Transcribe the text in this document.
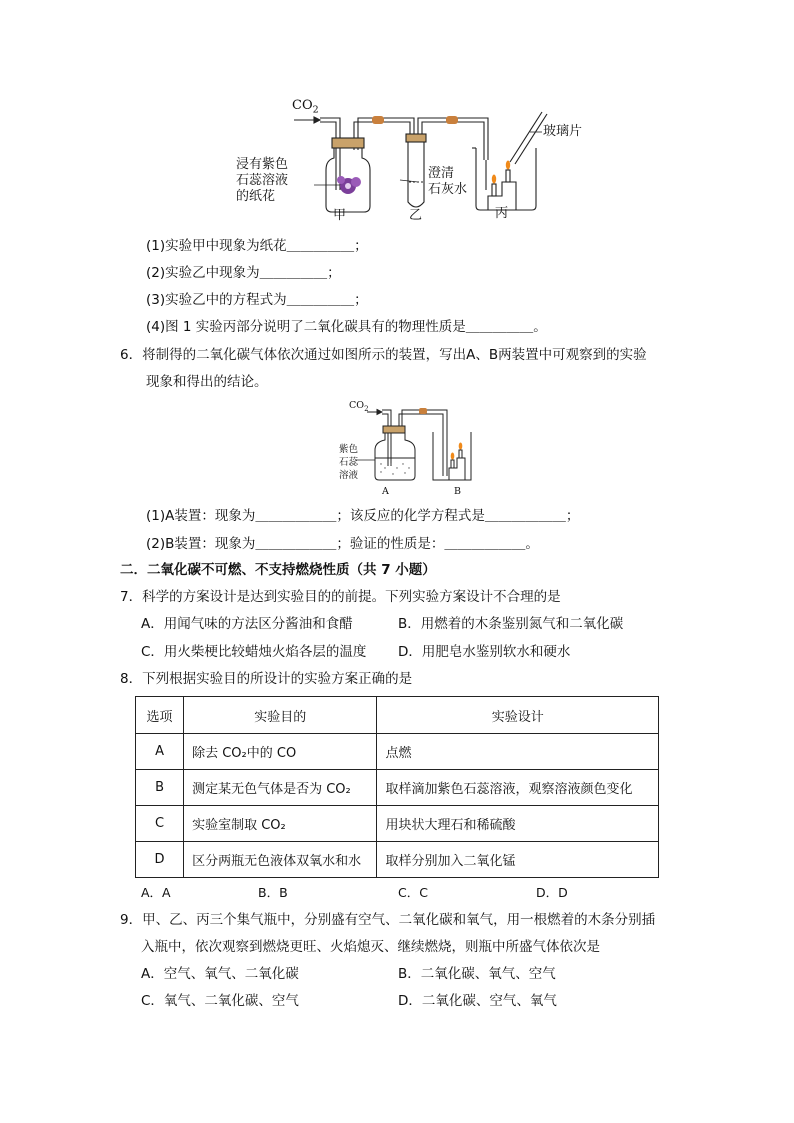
$CO_2$
玻璃片
浸有紫色
石蕊溶液
的纸花
澄清
石灰水
甲	乙	丙
(1)实验甲中现象为纸花＿＿＿＿＿；
(2)实验乙中现象为＿＿＿＿＿；
(3)实验乙中的方程式为＿＿＿＿＿；
(4)图 1 实验丙部分说明了二氧化碳具有的物理性质是＿＿＿＿＿。
6．将制得的二氧化碳气体依次通过如图所示的装置，写出A、B两装置中可观察到的实验
现象和得出的结论。
$CO_2$
紫色
石蕊
溶液
A	B
(1)A装置：现象为＿＿＿＿＿＿；该反应的化学方程式是＿＿＿＿＿＿；
(2)B装置：现象为＿＿＿＿＿＿；验证的性质是：＿＿＿＿＿＿。
二．二氧化碳不可燃、不支持燃烧性质（共 7 小题）
7．科学的方案设计是达到实验目的的前提。下列实验方案设计不合理的是
A．用闻气味的方法区分酱油和食醋	B．用燃着的木条鉴别氮气和二氧化碳
C．用火柴梗比较蜡烛火焰各层的温度 D．用肥皂水鉴别软水和硬水
8．下列根据实验目的所设计的实验方案正确的是
选项	实验目的	实验设计
A	除去 CO₂中的 CO	点燃
B	测定某无色气体是否为 CO₂	取样滴加紫色石蕊溶液，观察溶液颜色变化
C	实验室制取 CO₂	用块状大理石和稀硫酸
D	区分两瓶无色液体双氧水和水	取样分别加入二氧化锰
A．A	B．B	C．C	D．D
9．甲、乙、丙三个集气瓶中，分别盛有空气、二氧化碳和氧气，用一根燃着的木条分别插
入瓶中，依次观察到燃烧更旺、火焰熄灭、继续燃烧，则瓶中所盛气体依次是
A．空气、氧气、二氧化碳	B．二氧化碳、氧气、空气
C．氧气、二氧化碳、空气	D．二氧化碳、空气、氧气
